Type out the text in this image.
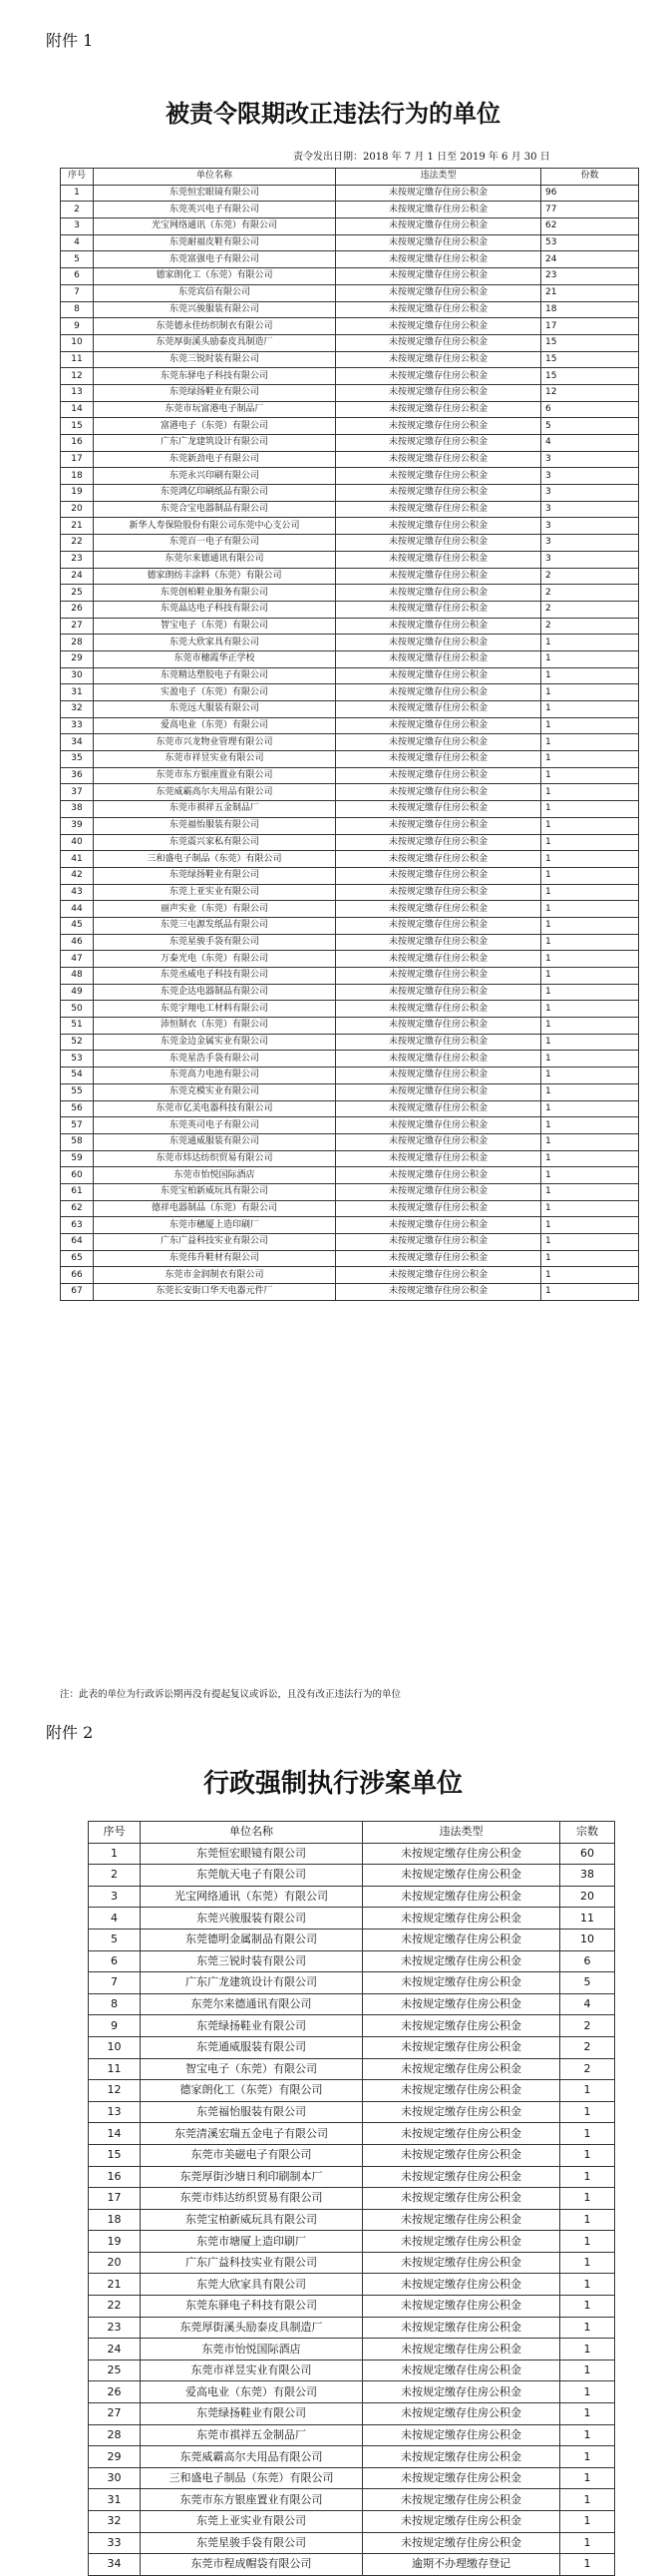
附件 1
被责令限期改正违法行为的单位
责令发出日期：2018 年 7 月 1 日至 2019 年 6 月 30 日
序号	单位名称	违法类型	份数
1	东莞恒宏眼镜有限公司	未按规定缴存住房公积金	96
2	东莞英兴电子有限公司	未按规定缴存住房公积金	77
3	光宝网络通讯（东莞）有限公司	未按规定缴存住房公积金	62
4	东莞耐福皮鞋有限公司	未按规定缴存住房公积金	53
5	东莞富强电子有限公司	未按规定缴存住房公积金	24
6	德家朗化工（东莞）有限公司	未按规定缴存住房公积金	23
7	东莞宾信有限公司	未按规定缴存住房公积金	21
8	东莞兴骏服装有限公司	未按规定缴存住房公积金	18
9	东莞德永佳纺织制衣有限公司	未按规定缴存住房公积金	17
10	东莞厚街溪头励泰皮具制造厂	未按规定缴存住房公积金	15
11	东莞三锐时装有限公司	未按规定缴存住房公积金	15
12	东莞东驿电子科技有限公司	未按规定缴存住房公积金	15
13	东莞绿扬鞋业有限公司	未按规定缴存住房公积金	12
14	东莞市玩富港电子制品厂	未按规定缴存住房公积金	6
15	富港电子（东莞）有限公司	未按规定缴存住房公积金	5
16	广东广龙建筑设计有限公司	未按规定缴存住房公积金	4
17	东莞新劲电子有限公司	未按规定缴存住房公积金	3
18	东莞永兴印刷有限公司	未按规定缴存住房公积金	3
19	东莞鸿亿印刷纸品有限公司	未按规定缴存住房公积金	3
20	东莞合宝电器制品有限公司	未按规定缴存住房公积金	3
21	新华人寿保险股份有限公司东莞中心支公司	未按规定缴存住房公积金	3
22	东莞百一电子有限公司	未按规定缴存住房公积金	3
23	东莞尔来德通讯有限公司	未按规定缴存住房公积金	3
24	德家朗纺丰涂料（东莞）有限公司	未按规定缴存住房公积金	2
25	东莞创柏鞋业服务有限公司	未按规定缴存住房公积金	2
26	东莞晶达电子科技有限公司	未按规定缴存住房公积金	2
27	智宝电子（东莞）有限公司	未按规定缴存住房公积金	2
28	东莞大欣家具有限公司	未按规定缴存住房公积金	1
29	东莞市穗霞华正学校	未按规定缴存住房公积金	1
30	东莞精达塑胶电子有限公司	未按规定缴存住房公积金	1
31	实盈电子（东莞）有限公司	未按规定缴存住房公积金	1
32	东莞远大服装有限公司	未按规定缴存住房公积金	1
33	爱高电业（东莞）有限公司	未按规定缴存住房公积金	1
34	东莞市兴龙物业管理有限公司	未按规定缴存住房公积金	1
35	东莞市祥昱实业有限公司	未按规定缴存住房公积金	1
36	东莞市东方银座置业有限公司	未按规定缴存住房公积金	1
37	东莞威霸高尔夫用品有限公司	未按规定缴存住房公积金	1
38	东莞市祺祥五金制品厂	未按规定缴存住房公积金	1
39	东莞福怡服装有限公司	未按规定缴存住房公积金	1
40	东莞震兴家私有限公司	未按规定缴存住房公积金	1
41	三和盛电子制品（东莞）有限公司	未按规定缴存住房公积金	1
42	东莞绿扬鞋业有限公司	未按规定缴存住房公积金	1
43	东莞上亚实业有限公司	未按规定缴存住房公积金	1
44	丽声实业（东莞）有限公司	未按规定缴存住房公积金	1
45	东莞三屯源发纸品有限公司	未按规定缴存住房公积金	1
46	东莞星骏手袋有限公司	未按规定缴存住房公积金	1
47	万泰光电（东莞）有限公司	未按规定缴存住房公积金	1
48	东莞丞威电子科技有限公司	未按规定缴存住房公积金	1
49	东莞企达电器制品有限公司	未按规定缴存住房公积金	1
50	东莞宇翔电工材料有限公司	未按规定缴存住房公积金	1
51	沛恒制衣（东莞）有限公司	未按规定缴存住房公积金	1
52	东莞金边金属实业有限公司	未按规定缴存住房公积金	1
53	东莞星浩手袋有限公司	未按规定缴存住房公积金	1
54	东莞高力电池有限公司	未按规定缴存住房公积金	1
55	东莞克模实业有限公司	未按规定缴存住房公积金	1
56	东莞市亿美电器科技有限公司	未按规定缴存住房公积金	1
57	东莞英司电子有限公司	未按规定缴存住房公积金	1
58	东莞通威服装有限公司	未按规定缴存住房公积金	1
59	东莞市炜达纺织贸易有限公司	未按规定缴存住房公积金	1
60	东莞市怡悦国际酒店	未按规定缴存住房公积金	1
61	东莞宝柏新威玩具有限公司	未按规定缴存住房公积金	1
62	德祥电器制品（东莞）有限公司	未按规定缴存住房公积金	1
63	东莞市穗厦上造印刷厂	未按规定缴存住房公积金	1
64	广东广益科技实业有限公司	未按规定缴存住房公积金	1
65	东莞伟升鞋材有限公司	未按规定缴存住房公积金	1
66	东莞市金润制衣有限公司	未按规定缴存住房公积金	1
67	东莞长安街口华天电器元件厂	未按规定缴存住房公积金	1
注：此表的单位为行政诉讼期再没有提起复议或诉讼，且没有改正违法行为的单位
附件 2
行政强制执行涉案单位
序号	单位名称	违法类型	宗数
1	东莞恒宏眼镜有限公司	未按规定缴存住房公积金	60
2	东莞航天电子有限公司	未按规定缴存住房公积金	38
3	光宝网络通讯（东莞）有限公司	未按规定缴存住房公积金	20
4	东莞兴骏服装有限公司	未按规定缴存住房公积金	11
5	东莞德明金属制品有限公司	未按规定缴存住房公积金	10
6	东莞三锐时装有限公司	未按规定缴存住房公积金	6
7	广东广龙建筑设计有限公司	未按规定缴存住房公积金	5
8	东莞尔来德通讯有限公司	未按规定缴存住房公积金	4
9	东莞绿扬鞋业有限公司	未按规定缴存住房公积金	2
10	东莞通威服装有限公司	未按规定缴存住房公积金	2
11	智宝电子（东莞）有限公司	未按规定缴存住房公积金	2
12	德家朗化工（东莞）有限公司	未按规定缴存住房公积金	1
13	东莞福怡服装有限公司	未按规定缴存住房公积金	1
14	东莞清溪宏瑞五金电子有限公司	未按规定缴存住房公积金	1
15	东莞市美磁电子有限公司	未按规定缴存住房公积金	1
16	东莞厚街沙塘日利印刷制本厂	未按规定缴存住房公积金	1
17	东莞市炜达纺织贸易有限公司	未按规定缴存住房公积金	1
18	东莞宝柏新威玩具有限公司	未按规定缴存住房公积金	1
19	东莞市塘厦上造印刷厂	未按规定缴存住房公积金	1
20	广东广益科技实业有限公司	未按规定缴存住房公积金	1
21	东莞大欣家具有限公司	未按规定缴存住房公积金	1
22	东莞东驿电子科技有限公司	未按规定缴存住房公积金	1
23	东莞厚街溪头励泰皮具制造厂	未按规定缴存住房公积金	1
24	东莞市怡悦国际酒店	未按规定缴存住房公积金	1
25	东莞市祥昱实业有限公司	未按规定缴存住房公积金	1
26	爱高电业（东莞）有限公司	未按规定缴存住房公积金	1
27	东莞绿扬鞋业有限公司	未按规定缴存住房公积金	1
28	东莞市祺祥五金制品厂	未按规定缴存住房公积金	1
29	东莞威霸高尔夫用品有限公司	未按规定缴存住房公积金	1
30	三和盛电子制品（东莞）有限公司	未按规定缴存住房公积金	1
31	东莞市东方银座置业有限公司	未按规定缴存住房公积金	1
32	东莞上亚实业有限公司	未按规定缴存住房公积金	1
33	东莞星骏手袋有限公司	未按规定缴存住房公积金	1
34	东莞市程成帽袋有限公司	逾期不办理缴存登记	1
